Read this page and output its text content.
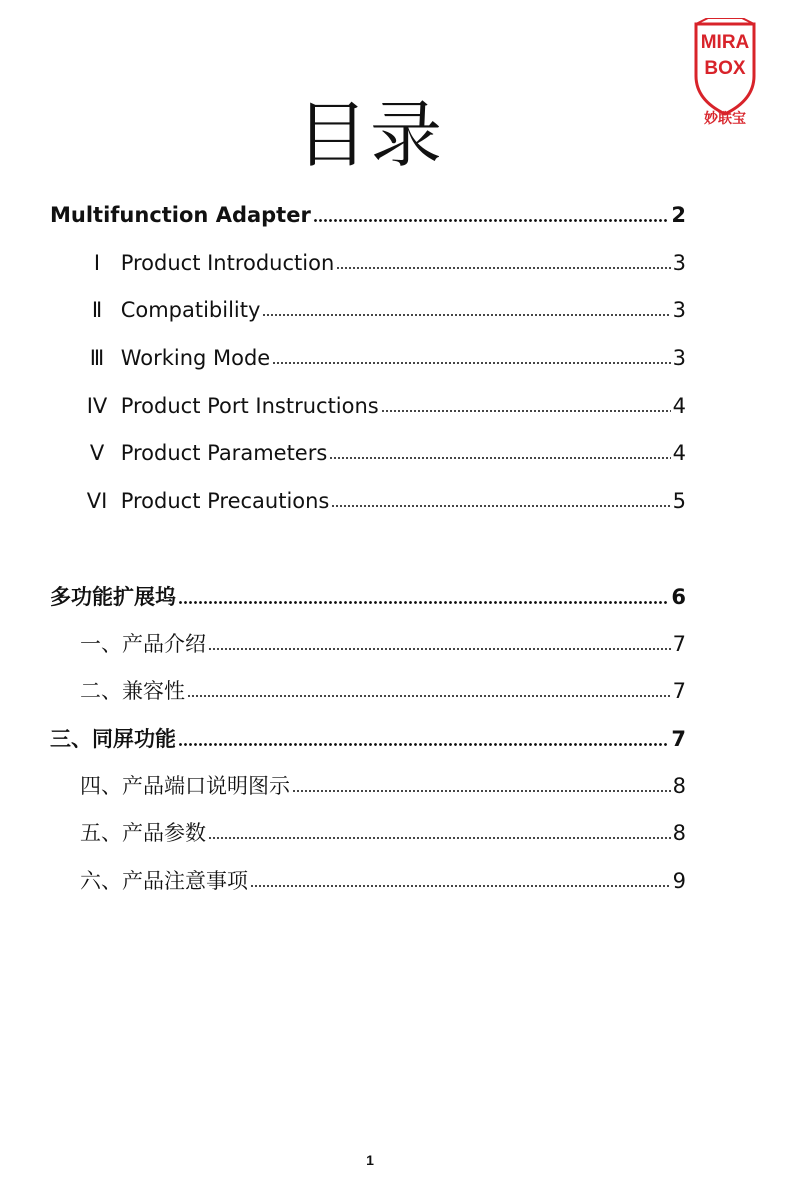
MIRA
BOX
妙联宝
目录
Multifunction Adapter	2
Ⅰ Product Introduction	3
Ⅱ Compatibility	3
Ⅲ Working Mode	3
IV Product Port Instructions	4
Ⅴ Product Parameters	4
VI Product Precautions	5
多功能扩展坞	6
一、产品介绍	7
二、兼容性	7
三、同屏功能	7
四、产品端口说明图示	8
五、产品参数	8
六、产品注意事项	9
1
